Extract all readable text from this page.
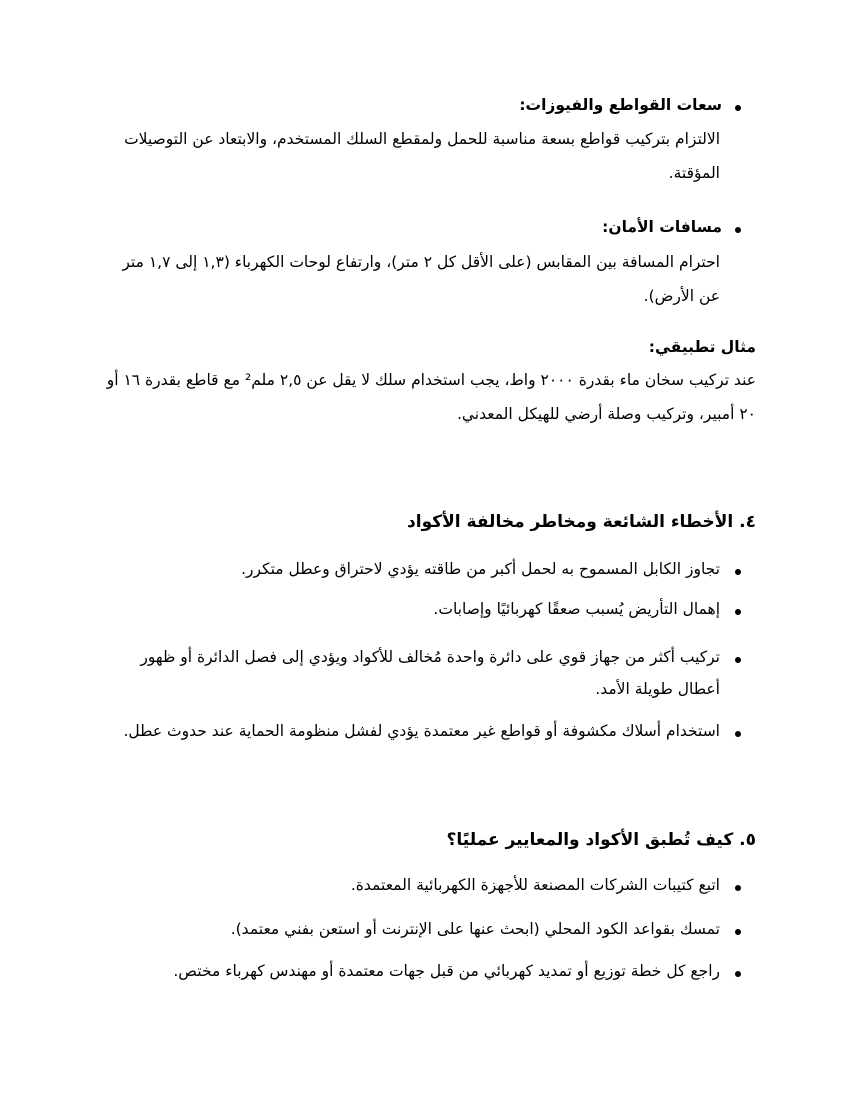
سعات القواطع والفيوزات:
الالتزام بتركيب قواطع بسعة مناسبة للحمل ولمقطع السلك المستخدم، والابتعاد عن التوصيلات
المؤقتة.
مسافات الأمان:
احترام المسافة بين المقابس (على الأقل كل ٢ متر)، وارتفاع لوحات الكهرباء (١,٣ إلى ١,٧ متر
عن الأرض).
مثال تطبيقي:
عند تركيب سخان ماء بقدرة ٢٠٠٠ واط، يجب استخدام سلك لا يقل عن ٢,٥ ملم² مع قاطع بقدرة ١٦ أو
٢٠ أمبير، وتركيب وصلة أرضي للهيكل المعدني.
٤. الأخطاء الشائعة ومخاطر مخالفة الأكواد
تجاوز الكابل المسموح به لحمل أكبر من طاقته يؤدي لاحتراق وعطل متكرر.
إهمال التأريض يُسبب صعقًا كهربائيًا وإصابات.
تركيب أكثر من جهاز قوي على دائرة واحدة مُخالف للأكواد ويؤدي إلى فصل الدائرة أو ظهور
أعطال طويلة الأمد.
استخدام أسلاك مكشوفة أو قواطع غير معتمدة يؤدي لفشل منظومة الحماية عند حدوث عطل.
٥. كيف تُطبق الأكواد والمعايير عمليًا؟
اتبع كتيبات الشركات المصنعة للأجهزة الكهربائية المعتمدة.
تمسك بقواعد الكود المحلي (ابحث عنها على الإنترنت أو استعن بفني معتمد).
راجع كل خطة توزيع أو تمديد كهربائي من قبل جهات معتمدة أو مهندس كهرباء مختص.
